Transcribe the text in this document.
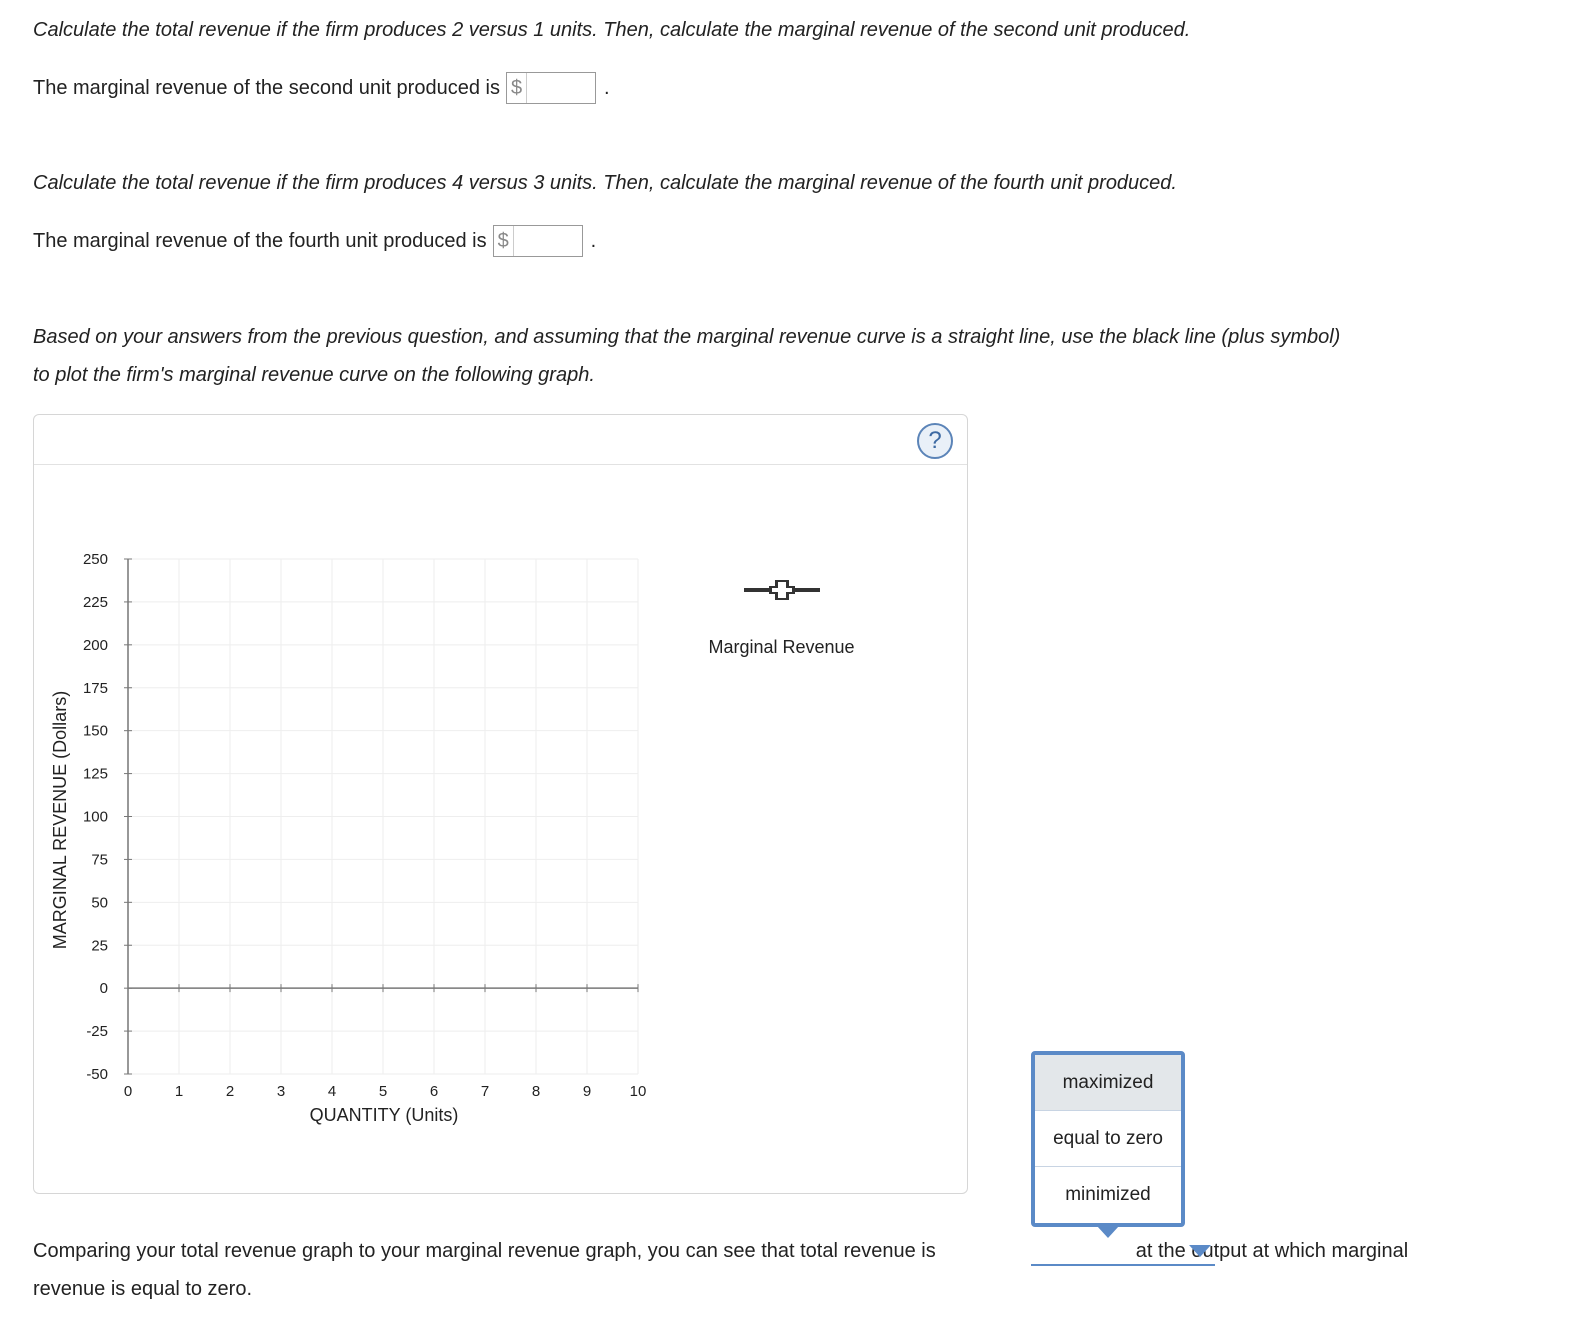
Calculate the total revenue if the firm produces 2 versus 1 units. Then, calculate the marginal revenue of the second unit produced.

The marginal revenue of the second unit produced is $	.

Calculate the total revenue if the firm produces 4 versus 3 units. Then, calculate the marginal revenue of the fourth unit produced.

The marginal revenue of the fourth unit produced is $	.

Based on your answers from the previous question, and assuming that the marginal revenue curve is a straight line, use the black line (plus symbol)

to plot the firm's marginal revenue curve on the following graph.

?
MARGINAL REVENUE (Dollars)
QUANTITY (Units)
0	1	2	3	4	5	6	7	8	9	10
250
225
200
175
150
125
100
75
50
25
0
-25
-50
Marginal Revenue
maximized
equal to zero
minimized
Comparing your total revenue graph to your marginal revenue graph, you can see that total revenue is	at the output at which marginal revenue is equal to zero.
